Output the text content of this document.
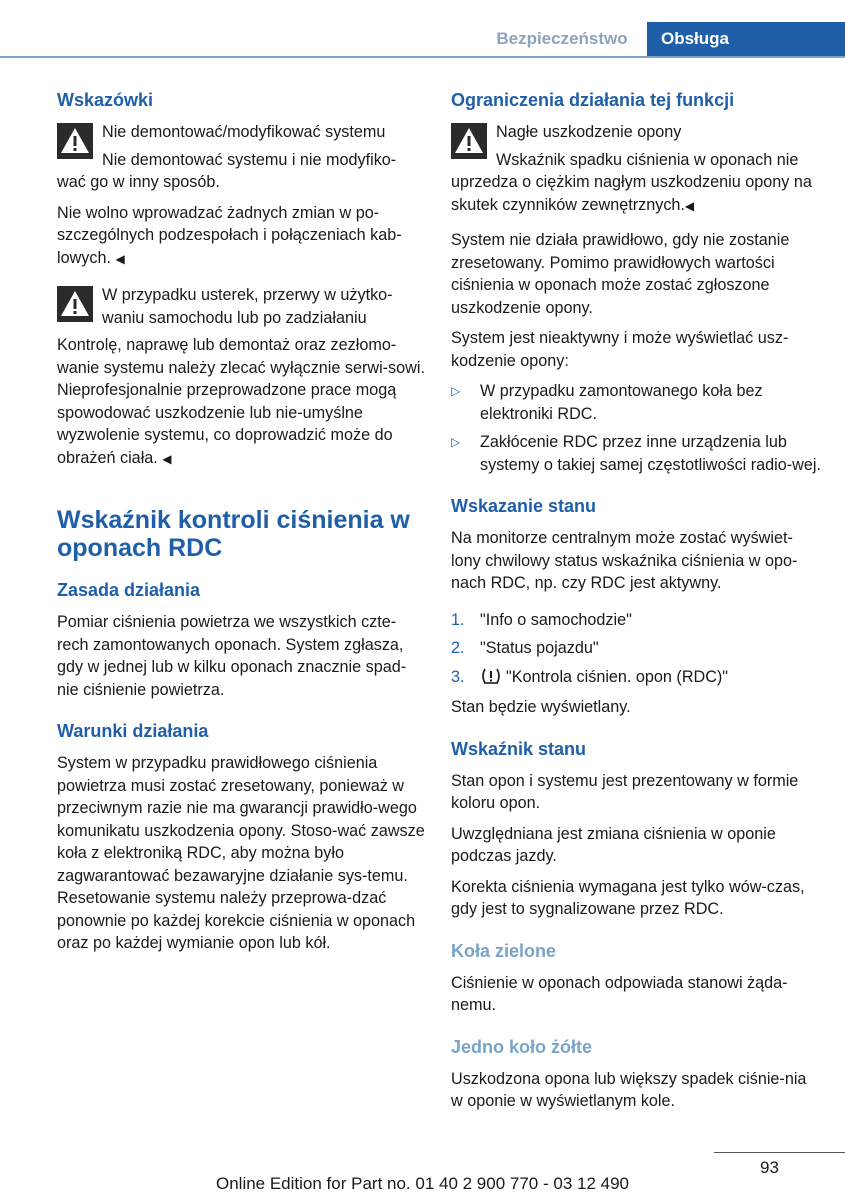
Bezpieczeństwo	Obsługa
Wskazówki
Nie demontować/modyfikować systemu
Nie demontować systemu i nie modyfiko-

wać go w inny sposób.

Nie wolno wprowadzać żadnych zmian w po-szczególnych podzespołach i połączeniach kab-lowych. ◀

W przypadku usterek, przerwy w użytko-waniu samochodu lub po zadziałaniu

Kontrolę, naprawę lub demontaż oraz zezłomo-wanie systemu należy zlecać wyłącznie serwi-sowi. Nieprofesjonalnie przeprowadzone prace mogą spowodować uszkodzenie lub nie-umyślne wyzwolenie systemu, co doprowadzić może do obrażeń ciała. ◀

Wskaźnik kontroli ciśnienia w oponach RDC
Zasada działania

Pomiar ciśnienia powietrza we wszystkich czte-rech zamontowanych oponach. System zgłasza, gdy w jednej lub w kilku oponach znacznie spad-nie ciśnienie powietrza.

Warunki działania

System w przypadku prawidłowego ciśnienia powietrza musi zostać zresetowany, ponieważ w przeciwnym razie nie ma gwarancji prawidło-wego komunikatu uszkodzenia opony. Stoso-wać zawsze koła z elektroniką RDC, aby można było zagwarantować bezawaryjne działanie sys-temu. Resetowanie systemu należy przeprowa-dzać ponownie po każdej korekcie ciśnienia w oponach oraz po każdej wymianie opon lub kół.

Ograniczenia działania tej funkcji
Nagłe uszkodzenie opony
Wskaźnik spadku ciśnienia w oponach nie

uprzedza o ciężkim nagłym uszkodzeniu opony na skutek czynników zewnętrznych.◀

System nie działa prawidłowo, gdy nie zostanie zresetowany. Pomimo prawidłowych wartości ciśnienia w oponach może zostać zgłoszone uszkodzenie opony.

System jest nieaktywny i może wyświetlać usz-kodzenie opony:

▷	W przypadku zamontowanego koła bez elektroniki RDC.
▷	Zakłócenie RDC przez inne urządzenia lub systemy o takiej samej częstotliwości radio-wej.
Wskazanie stanu

Na monitorze centralnym może zostać wyświet-lony chwilowy status wskaźnika ciśnienia w opo-nach RDC, np. czy RDC jest aktywny.

1. "Info o samochodzie"
2. "Status pojazdu"
3.	"Kontrola ciśnien. opon (RDC)"

Stan będzie wyświetlany.

Wskaźnik stanu

Stan opon i systemu jest prezentowany w formie koloru opon.

Uwzględniana jest zmiana ciśnienia w oponie podczas jazdy.

Korekta ciśnienia wymagana jest tylko wów-czas, gdy jest to sygnalizowane przez RDC.

Koła zielone

Ciśnienie w oponach odpowiada stanowi żąda-nemu.

Jedno koło żółte

Uszkodzona opona lub większy spadek ciśnie-nia w oponie w wyświetlanym kole.

93
Online Edition for Part no. 01 40 2 900 770 - 03 12 490
